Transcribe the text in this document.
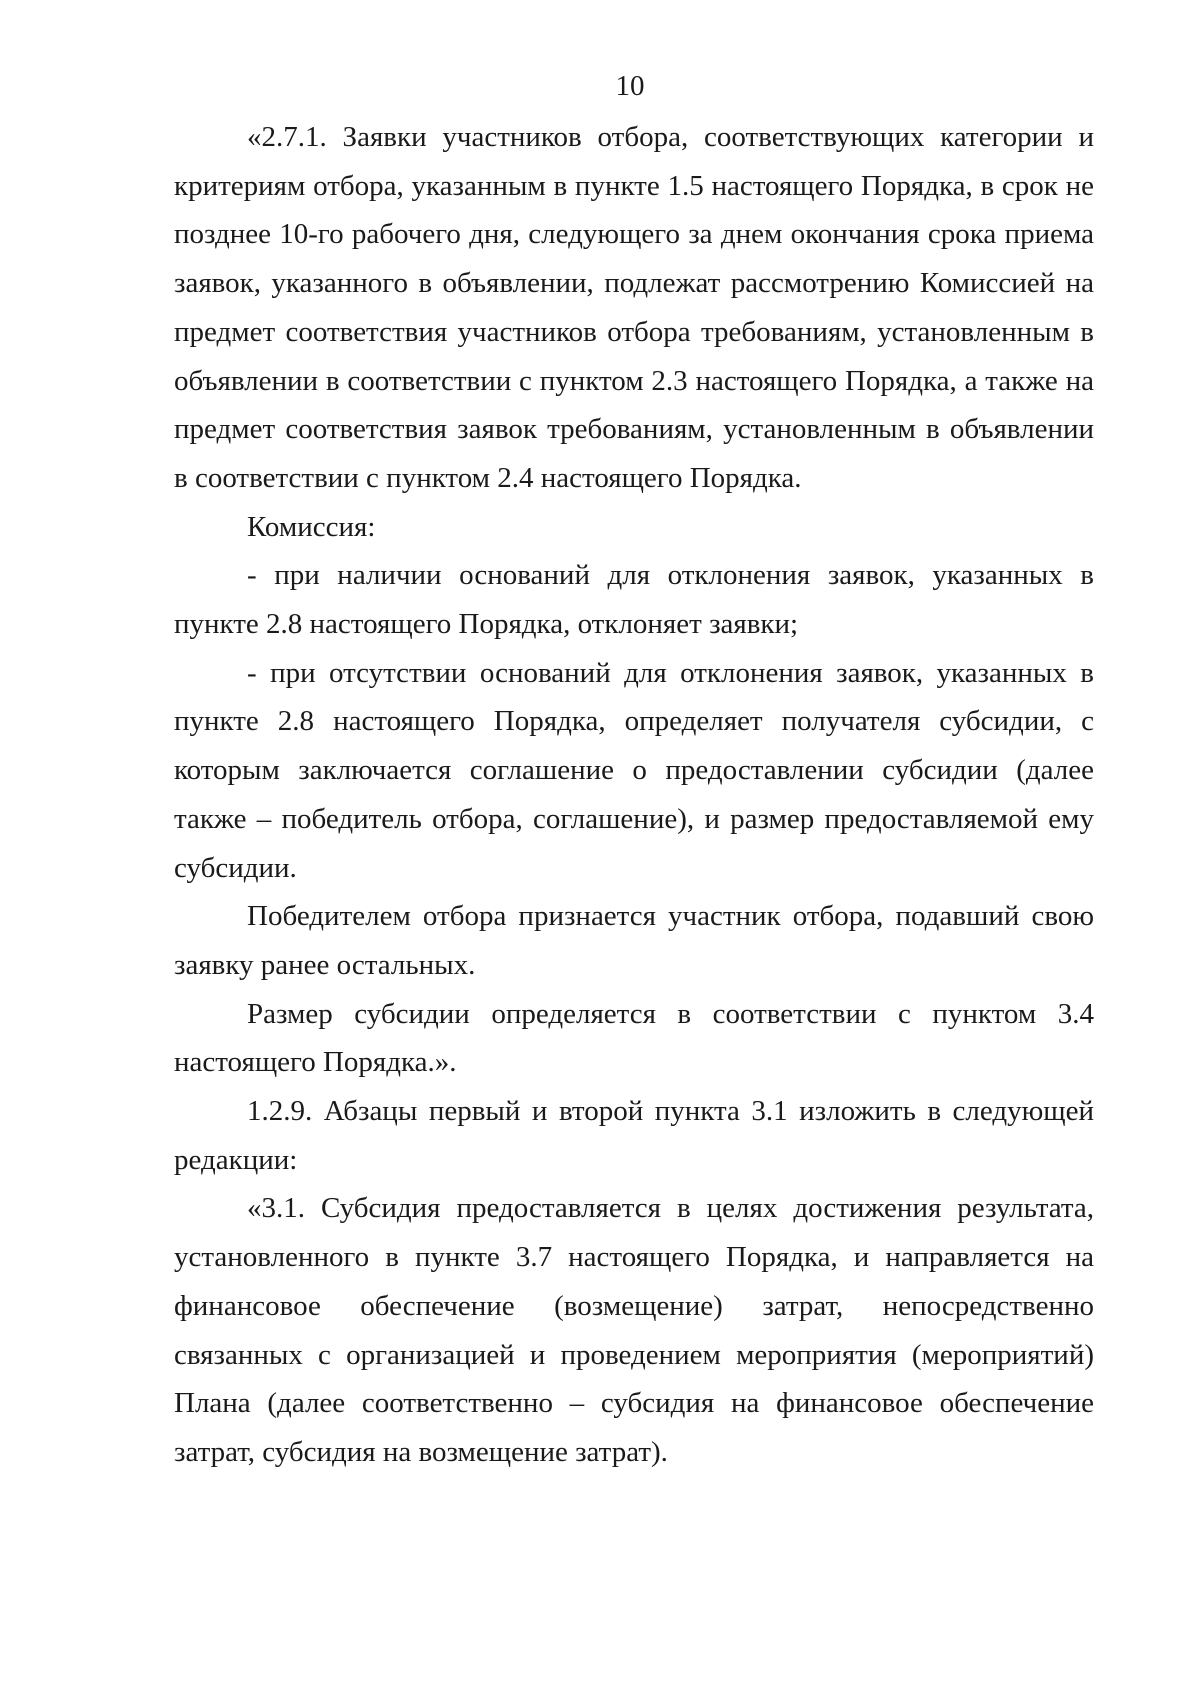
10

«2.7.1. Заявки участников отбора, соответствующих категории и критериям отбора, указанным в пункте 1.5 настоящего Порядка, в срок не позднее 10-го рабочего дня, следующего за днем окончания срока приема заявок, указанного в объявлении, подлежат рассмотрению Комиссией на предмет соответствия участников отбора требованиям, установленным в объявлении в соответствии с пунктом 2.3 настоящего Порядка, а также на предмет соответствия заявок требованиям, установленным в объявлении в соответствии с пунктом 2.4 настоящего Порядка.

Комиссия:

- при наличии оснований для отклонения заявок, указанных в пункте 2.8 настоящего Порядка, отклоняет заявки;

- при отсутствии оснований для отклонения заявок, указанных в пункте 2.8 настоящего Порядка, определяет получателя субсидии, с которым заключается соглашение о предоставлении субсидии (далее также – победитель отбора, соглашение), и размер предоставляемой ему субсидии.

Победителем отбора признается участник отбора, подавший свою заявку ранее остальных.

Размер субсидии определяется в соответствии с пунктом 3.4 настоящего Порядка.».

1.2.9. Абзацы первый и второй пункта 3.1 изложить в следующей редакции:

«3.1. Субсидия предоставляется в целях достижения результата, установленного в пункте 3.7 настоящего Порядка, и направляется на финансовое обеспечение (возмещение) затрат, непосредственно связанных с организацией и проведением мероприятия (мероприятий) Плана (далее соответственно – субсидия на финансовое обеспечение затрат, субсидия на возмещение затрат).
